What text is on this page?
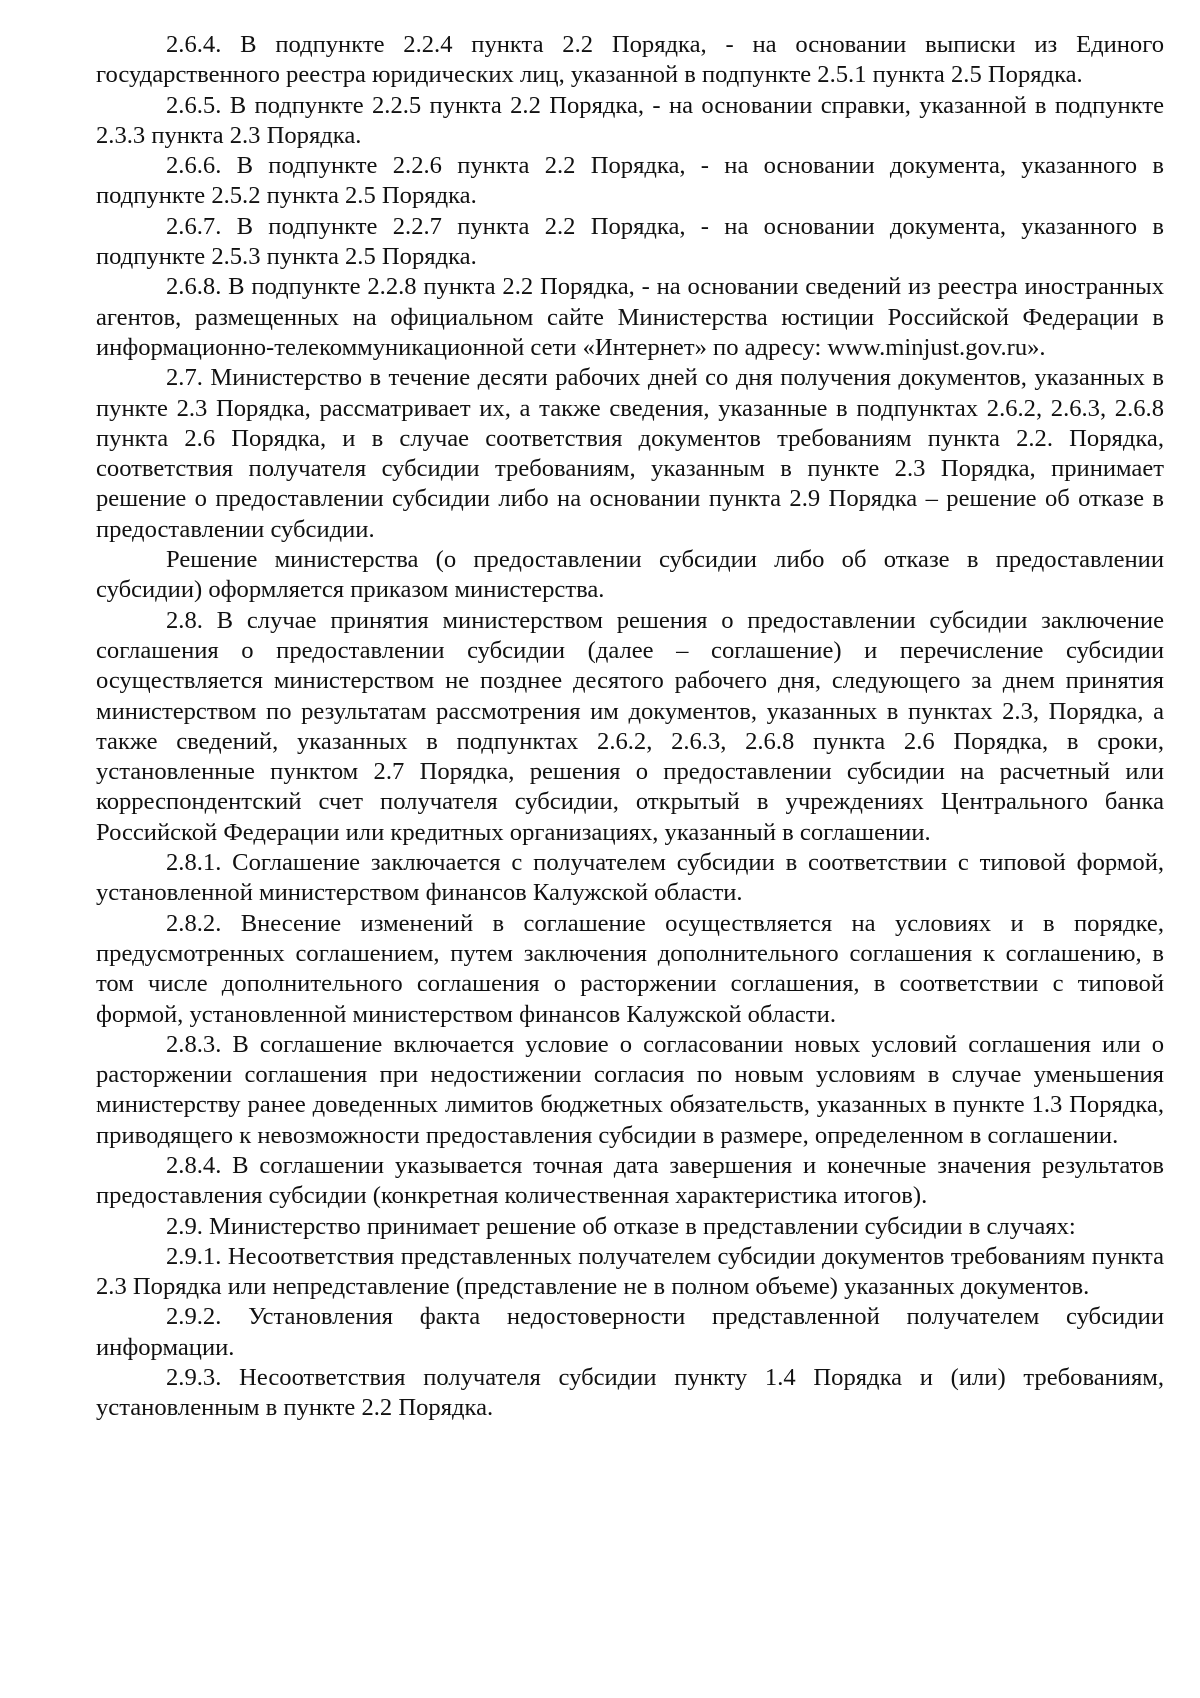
2.6.4. В подпункте 2.2.4 пункта 2.2 Порядка, - на основании выписки из Единого государственного реестра юридических лиц, указанной в подпункте 2.5.1 пункта 2.5 Порядка.

2.6.5. В подпункте 2.2.5 пункта 2.2 Порядка, - на основании справки, указанной в подпункте 2.3.3 пункта 2.3 Порядка.

2.6.6. В подпункте 2.2.6 пункта 2.2 Порядка, - на основании документа, указанного в подпункте 2.5.2 пункта 2.5 Порядка.

2.6.7. В подпункте 2.2.7 пункта 2.2 Порядка, - на основании документа, указанного в подпункте 2.5.3 пункта 2.5 Порядка.

2.6.8. В подпункте 2.2.8 пункта 2.2 Порядка, - на основании сведений из реестра иностранных агентов, размещенных на официальном сайте Министерства юстиции Российской Федерации в информационно-телекоммуникационной сети «Интернет» по адресу: www.minjust.gov.ru».

2.7. Министерство в течение десяти рабочих дней со дня получения документов, указанных в пункте 2.3 Порядка, рассматривает их, а также сведения, указанные в подпунктах 2.6.2, 2.6.3, 2.6.8 пункта 2.6 Порядка, и в случае соответствия документов требованиям пункта 2.2. Порядка, соответствия получателя субсидии требованиям, указанным в пункте 2.3 Порядка, принимает решение о предоставлении субсидии либо на основании пункта 2.9 Порядка – решение об отказе в предоставлении субсидии.

Решение министерства (о предоставлении субсидии либо об отказе в предоставлении субсидии) оформляется приказом министерства.

2.8. В случае принятия министерством решения о предоставлении субсидии заключение соглашения о предоставлении субсидии (далее – соглашение) и перечисление субсидии осуществляется министерством не позднее десятого рабочего дня, следующего за днем принятия министерством по результатам рассмотрения им документов, указанных в пунктах 2.3, Порядка, а также сведений, указанных в подпунктах 2.6.2, 2.6.3, 2.6.8 пункта 2.6 Порядка, в сроки, установленные пунктом 2.7 Порядка, решения о предоставлении субсидии на расчетный или корреспондентский счет получателя субсидии, открытый в учреждениях Центрального банка Российской Федерации или кредитных организациях, указанный в соглашении.

2.8.1. Соглашение заключается с получателем субсидии в соответствии с типовой формой, установленной министерством финансов Калужской области.

2.8.2. Внесение изменений в соглашение осуществляется на условиях и в порядке, предусмотренных соглашением, путем заключения дополнительного соглашения к соглашению, в том числе дополнительного соглашения о расторжении соглашения, в соответствии с типовой формой, установленной министерством финансов Калужской области.

2.8.3. В соглашение включается условие о согласовании новых условий соглашения или о расторжении соглашения при недостижении согласия по новым условиям в случае уменьшения министерству ранее доведенных лимитов бюджетных обязательств, указанных в пункте 1.3 Порядка, приводящего к невозможности предоставления субсидии в размере, определенном в соглашении.

2.8.4. В соглашении указывается точная дата завершения и конечные значения результатов предоставления субсидии (конкретная количественная характеристика итогов).

2.9. Министерство принимает решение об отказе в представлении субсидии в случаях:

2.9.1. Несоответствия представленных получателем субсидии документов требованиям пункта 2.3 Порядка или непредставление (представление не в полном объеме) указанных документов.

2.9.2. Установления факта недостоверности представленной получателем субсидии информации.

2.9.3. Несоответствия получателя субсидии пункту 1.4 Порядка и (или) требованиям, установленным в пункте 2.2 Порядка.
